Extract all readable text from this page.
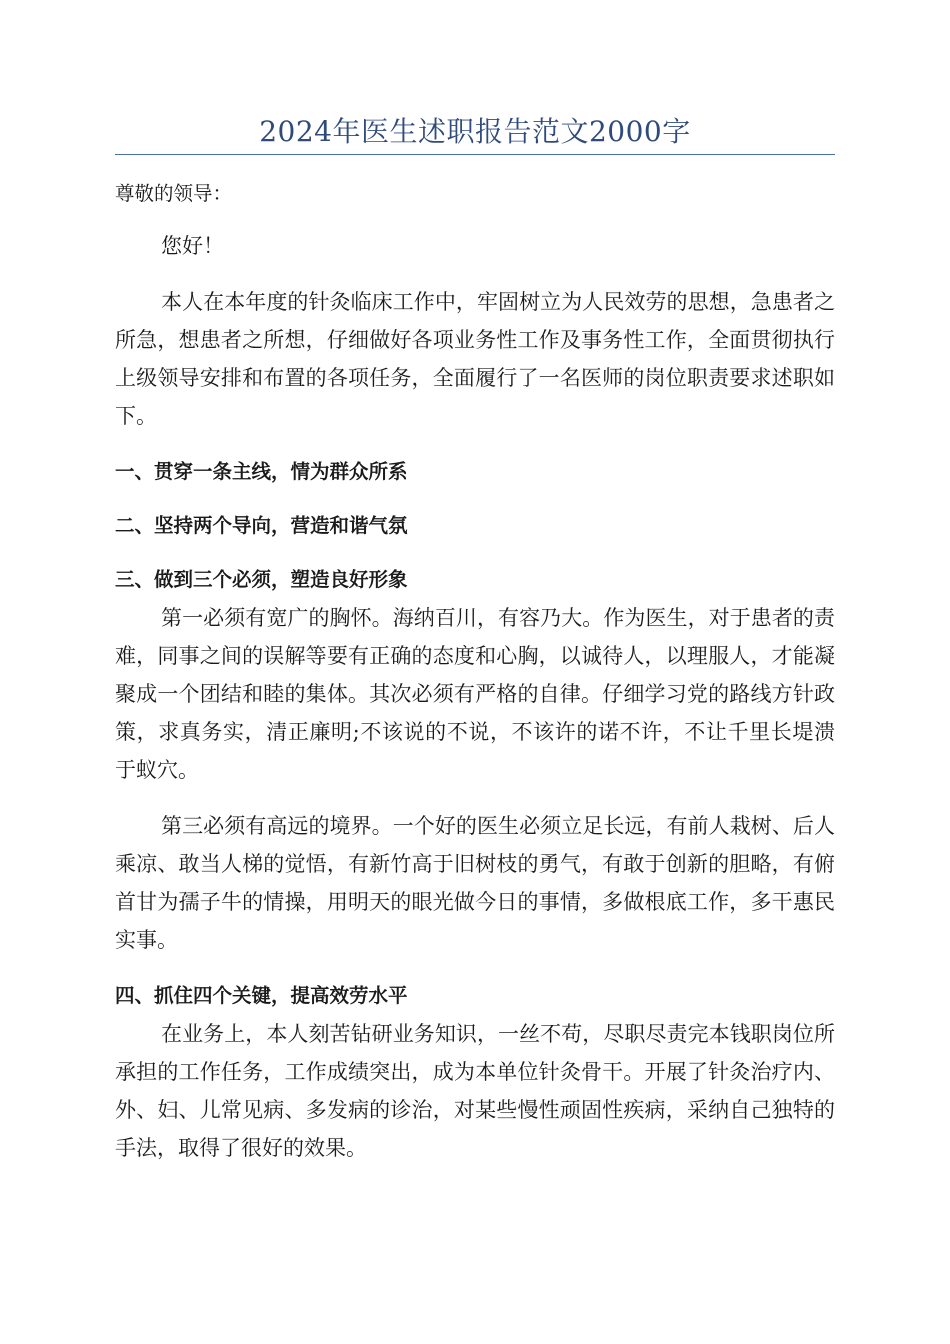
2024年医生述职报告范文2000字
尊敬的领导：

您好！

本人在本年度的针灸临床工作中，牢固树立为人民效劳的思想，急患者之所急，想患者之所想，仔细做好各项业务性工作及事务性工作，全面贯彻执行上级领导安排和布置的各项任务，全面履行了一名医师的岗位职责要求述职如下。

一、贯穿一条主线，情为群众所系

二、坚持两个导向，营造和谐气氛

三、做到三个必须，塑造良好形象

第一必须有宽广的胸怀。海纳百川，有容乃大。作为医生，对于患者的责难，同事之间的误解等要有正确的态度和心胸，以诚待人，以理服人，才能凝聚成一个团结和睦的集体。其次必须有严格的自律。仔细学习党的路线方针政策，求真务实，清正廉明;不该说的不说，不该许的诺不许，不让千里长堤溃于蚁穴。

第三必须有高远的境界。一个好的医生必须立足长远，有前人栽树、后人乘凉、敢当人梯的觉悟，有新竹高于旧树枝的勇气，有敢于创新的胆略，有俯首甘为孺子牛的情操，用明天的眼光做今日的事情，多做根底工作，多干惠民实事。

四、抓住四个关键，提高效劳水平

在业务上，本人刻苦钻研业务知识，一丝不苟，尽职尽责完本钱职岗位所承担的工作任务，工作成绩突出，成为本单位针灸骨干。开展了针灸治疗内、外、妇、儿常见病、多发病的诊治，对某些慢性顽固性疾病，采纳自己独特的手法，取得了很好的效果。
